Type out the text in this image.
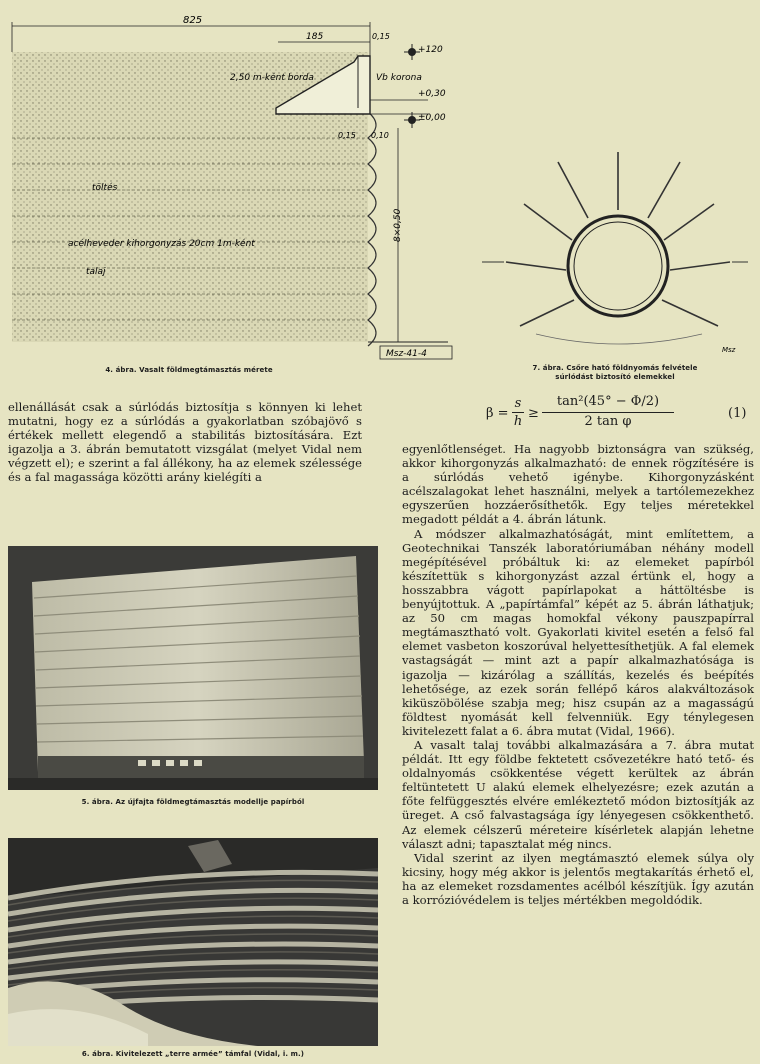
825
185	0,15
2,50 m-ként borda	Vb korona
+120
+0,30
±0,00
0,15 0,10
8×0,50
töltés
acélheveder kihorgonyzás 20cm 1m-ként
talaj
Msz-41-4
4. ábra. Vasalt földmegtámasztás mérete
Msz
7. ábra. Csőre ható földnyomás felvétele
súrlódást biztosító elemekkel

ellenállását csak a súrlódás biztosítja s könnyen ki lehet mutatni, hogy ez a súrlódás a gyakorlatban szóbajövő s értékek mellett elegendő a stabilitás biztosítására. Ezt igazolja a 3. ábrán bemutatott vizsgálat (melyet Vidal nem végzett el); e szerint a fal állékony, ha az elemek szélessége és a fal magassága közötti arány kielégíti a

β =
s
h
≥
tan²(45° − Φ/2)
2 tan φ
(1)

egyenlőtlenséget. Ha nagyobb biztonságra van szükség, akkor kihorgonyzás alkalmazható: de ennek rögzítésére is a súrlódás vehető igénybe. Kihorgonyzásként acélszalagokat lehet használni, melyek a tartólemezekhez egyszerűen hozzáerősíthetők. Egy teljes méretekkel megadott példát a 4. ábrán látunk.

A módszer alkalmazhatóságát, mint említettem, a Geotechnikai Tanszék laboratóriumában néhány modell megépítésével próbáltuk ki: az elemeket papírból készítettük s kihorgonyzást azzal értünk el, hogy a hosszabbra vágott papírlapokat a háttöltésbe is benyújtottuk. A „papírtámfal” képét az 5. ábrán láthatjuk; az 50 cm magas homokfal vékony pauszpapírral megtámasztható volt. Gyakorlati kivitel esetén a felső fal elemet vasbeton koszorúval helyettesíthetjük. A fal elemek vastagságát — mint azt a papír alkalmazhatósága is igazolja — kizárólag a szállítás, kezelés és beépítés lehetősége, az ezek során fellépő káros alakváltozások kiküszöbölése szabja meg; hisz csupán az a magasságú földtest nyomását kell felvenniük. Egy ténylegesen kivitelezett falat a 6. ábra mutat (Vidal, 1966).

A vasalt talaj további alkalmazására a 7. ábra mutat példát. Itt egy földbe fektetett csővezetékre ható tető- és oldalnyomás csökkentése végett kerültek az ábrán feltüntetett U alakú elemek elhelyezésre; ezek azután a főte felfüggesztés elvére emlékeztető módon biztosítják az üreget. A cső falvastagsága így lényegesen csökkenthető. Az elemek célszerű méreteire kísérletek alapján lehetne választ adni; tapasztalat még nincs.

Vidal szerint az ilyen megtámasztó elemek súlya oly kicsiny, hogy még akkor is jelentős megtakarítás érhető el, ha az elemeket rozsdamentes acélból készítjük. Így azután a korrózióvédelem is teljes mértékben megoldódik.

5. ábra. Az újfajta földmegtámasztás modellje papírból
6. ábra. Kivitelezett „terre armée” támfal (Vidal, i. m.)
